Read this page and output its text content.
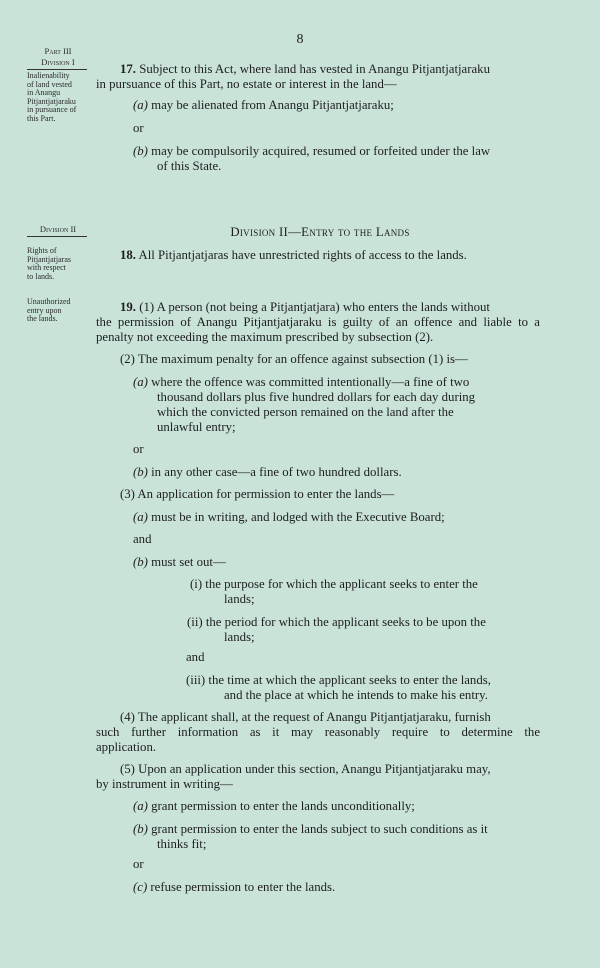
8
Part III
Division I
Inalienability
of land vested
in Anangu
Pitjantjatjaraku
in pursuance of
this Part.
Division II
Rights of
Pitjantjatjaras
with respect
to lands.
Unauthorized
entry upon
the lands.
17. Subject to this Act, where land has vested in Anangu Pitjantjatjaraku
in pursuance of this Part, no estate or interest in the land—
(a) may be alienated from Anangu Pitjantjatjaraku;
or
(b) may be compulsorily acquired, resumed or forfeited under the law
of this State.
Division II—Entry to the Lands
18. All Pitjantjatjaras have unrestricted rights of access to the lands.
19. (1) A person (not being a Pitjantjatjara) who enters the lands without
the permission of Anangu Pitjantjatjaraku is guilty of an offence and liable to a
penalty not exceeding the maximum prescribed by subsection (2).
(2) The maximum penalty for an offence against subsection (1) is—
(a) where the offence was committed intentionally—a fine of two
thousand dollars plus five hundred dollars for each day during
which the convicted person remained on the land after the
unlawful entry;
or
(b) in any other case—a fine of two hundred dollars.
(3) An application for permission to enter the lands—
(a) must be in writing, and lodged with the Executive Board;
and
(b) must set out—
(i) the purpose for which the applicant seeks to enter the
lands;
(ii) the period for which the applicant seeks to be upon the
lands;
and
(iii) the time at which the applicant seeks to enter the lands,
and the place at which he intends to make his entry.
(4) The applicant shall, at the request of Anangu Pitjantjatjaraku, furnish
such further information as it may reasonably require to determine the
application.
(5) Upon an application under this section, Anangu Pitjantjatjaraku may,
by instrument in writing—
(a) grant permission to enter the lands unconditionally;
(b) grant permission to enter the lands subject to such conditions as it
thinks fit;
or
(c) refuse permission to enter the lands.
